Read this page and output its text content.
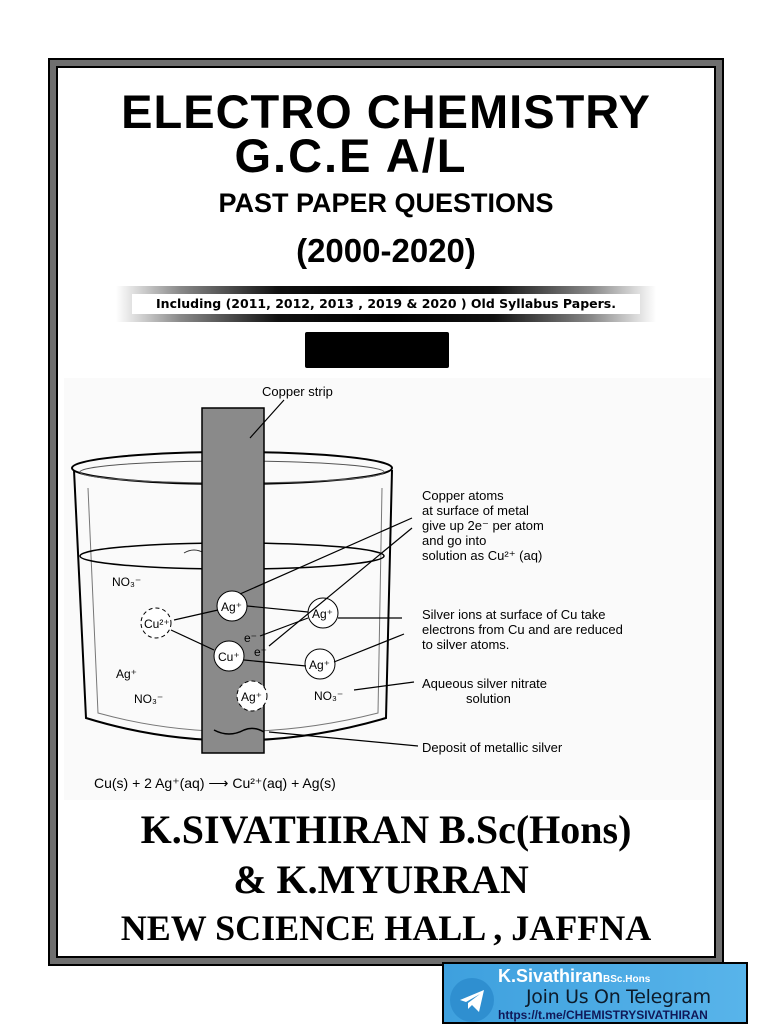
ELECTRO CHEMISTRY
G.C.E A/L
PAST PAPER QUESTIONS
(2000-2020)
Including (2011, 2012, 2013 , 2019 & 2020 ) Old Syllabus Papers.
NO₃⁻
Cu²⁺
Ag⁺	Ag⁺
e⁻
e⁻
Cu⁺
Ag⁺
Ag⁺
NO₃⁻	Ag⁺	NO₃⁻
Copper strip
Copper atoms
at surface of metal
give up 2e⁻ per atom
and go into
solution as Cu²⁺ (aq)
Silver ions at surface of Cu take
electrons from Cu and are reduced
to silver atoms.
Aqueous silver nitrate
solution
Deposit of metallic silver
Cu(s) + 2 Ag⁺(aq) ⟶ Cu²⁺(aq) + Ag(s)
K.SIVATHIRAN B.Sc(Hons)
& K.MYURRAN
NEW SCIENCE HALL , JAFFNA
K.SivathiranBSc.Hons
Join Us On Telegram
https://t.me/CHEMISTRYSIVATHIRAN
